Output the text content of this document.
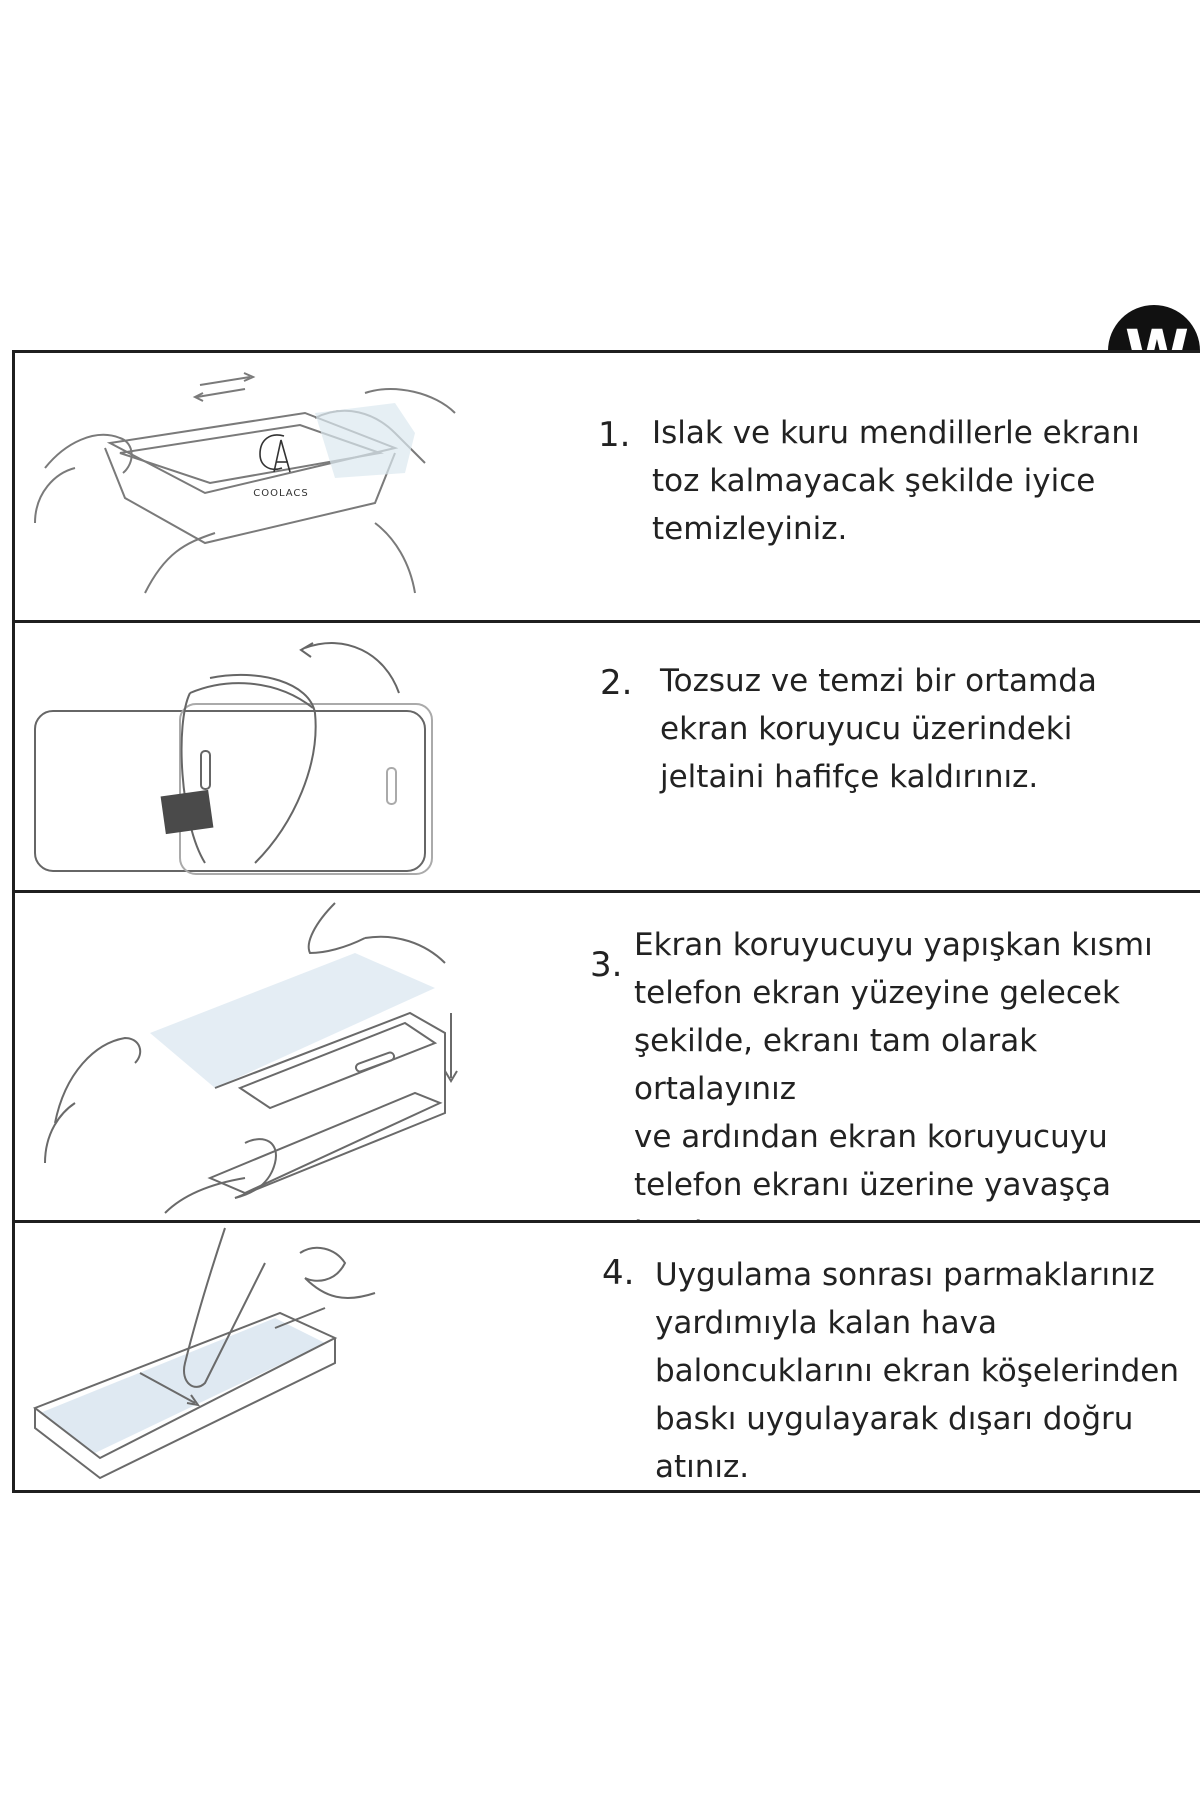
1. Islak ve kuru mendillerle ekranı
toz kalmayacak şekilde iyice
temizleyiniz.
COOLACS
2. Tozsuz ve temzi bir ortamda
ekran koruyucu üzerindeki
jeltaini hafifçe kaldırınız.
3. Ekran koruyucuyu yapışkan kısmı
telefon ekran yüzeyine gelecek
şekilde, ekranı tam olarak ortalayınız
ve ardından ekran koruyucuyu
telefon ekranı üzerine yavaşça

4. Uygulama sonrası parmaklarınız
yardımıyla kalan hava
baloncuklarını ekran köşelerinden
baskı uygulayarak dışarı doğru
atınız.
